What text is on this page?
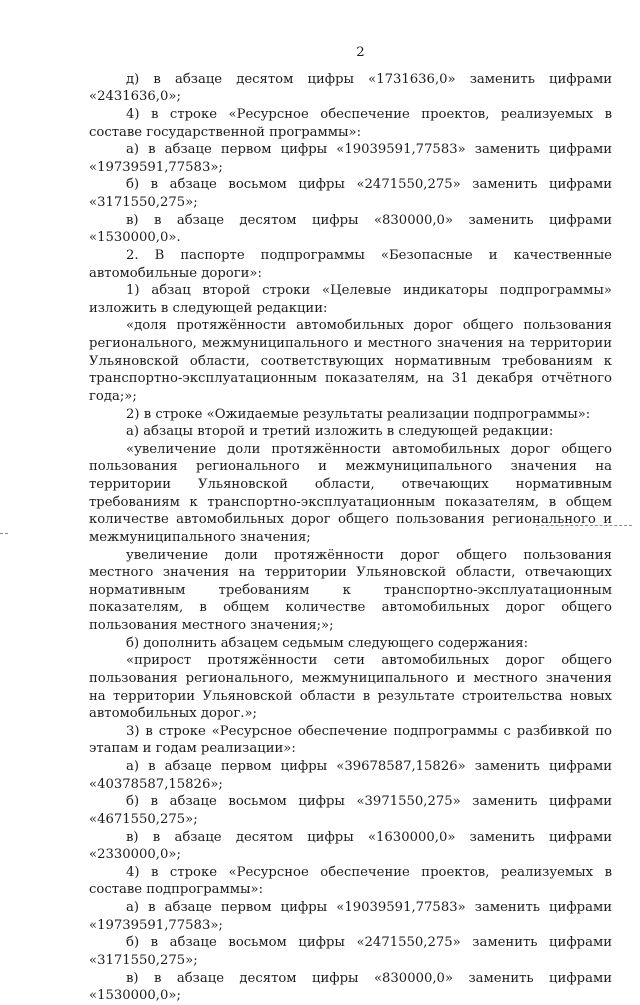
2

д) в абзаце десятом цифры «1731636,0» заменить цифрами «2431636,0»;

4) в строке «Ресурсное обеспечение проектов, реализуемых в составе государственной программы»:

а) в абзаце первом цифры «19039591,77583» заменить цифрами «19739591,77583»;

б) в абзаце восьмом цифры «2471550,275» заменить цифрами «3171550,275»;

в) в абзаце десятом цифры «830000,0» заменить цифрами «1530000,0».

2. В паспорте подпрограммы «Безопасные и качественные автомобильные дороги»:

1) абзац второй строки «Целевые индикаторы подпрограммы» изложить в следующей редакции:

«доля протяжённости автомобильных дорог общего пользования регионального, межмуниципального и местного значения на территории Ульяновской области, соответствующих нормативным требованиям к транспортно-эксплуатационным показателям, на 31 декабря отчётного года;»;

2) в строке «Ожидаемые результаты реализации подпрограммы»:

а) абзацы второй и третий изложить в следующей редакции:

«увеличение доли протяжённости автомобильных дорог общего пользования регионального и межмуниципального значения на территории Ульяновской области, отвечающих нормативным требованиям к транспортно-эксплуатационным показателям, в общем количестве автомобильных дорог общего пользования регионального и межмуниципального значения;

увеличение доли протяжённости дорог общего пользования местного значения на территории Ульяновской области, отвечающих нормативным требованиям к транспортно-эксплуатационным показателям, в общем количестве автомобильных дорог общего пользования местного значения;»;

б) дополнить абзацем седьмым следующего содержания:

«прирост протяжённости сети автомобильных дорог общего пользования регионального, межмуниципального и местного значения на территории Ульяновской области в результате строительства новых автомобильных дорог.»;

3) в строке «Ресурсное обеспечение подпрограммы с разбивкой по этапам и годам реализации»:

а) в абзаце первом цифры «39678587,15826» заменить цифрами «40378587,15826»;

б) в абзаце восьмом цифры «3971550,275» заменить цифрами «4671550,275»;

в) в абзаце десятом цифры «1630000,0» заменить цифрами «2330000,0»;

4) в строке «Ресурсное обеспечение проектов, реализуемых в составе подпрограммы»:

а) в абзаце первом цифры «19039591,77583» заменить цифрами «19739591,77583»;

б) в абзаце восьмом цифры «2471550,275» заменить цифрами «3171550,275»;

в) в абзаце десятом цифры «830000,0» заменить цифрами «1530000,0»;
